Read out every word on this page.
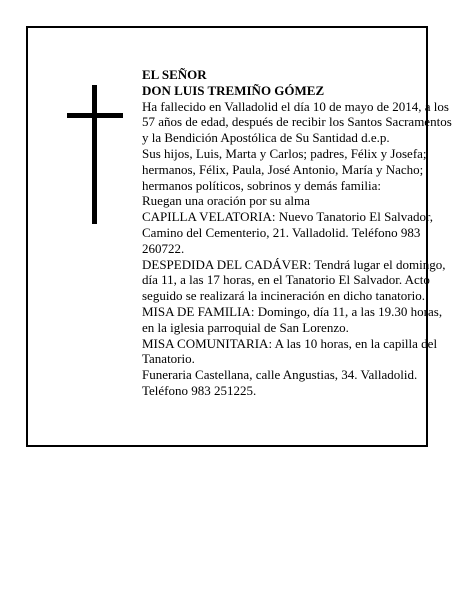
EL SEÑOR

DON LUIS TREMIÑO GÓMEZ

Ha fallecido en Valladolid el día 10 de mayo de 2014, a los 57 años de edad, después de recibir los Santos Sacramentos y la Bendición Apostólica de Su Santidad d.e.p.

Sus hijos, Luis, Marta y Carlos; padres, Félix y Josefa; hermanos, Félix, Paula, José Antonio, María y Nacho; hermanos políticos, sobrinos y demás familia:

Ruegan una oración por su alma

CAPILLA VELATORIA: Nuevo Tanatorio El Salvador, Camino del Cementerio, 21. Valladolid. Teléfono 983 260722.

DESPEDIDA DEL CADÁVER: Tendrá lugar el domingo, día 11, a las 17 horas, en el Tanatorio El Salvador. Acto seguido se realizará la incineración en dicho tanatorio.

MISA DE FAMILIA: Domingo, día 11, a las 19.30 horas, en la iglesia parroquial de San Lorenzo.

MISA COMUNITARIA: A las 10 horas, en la capilla del Tanatorio.

Funeraria Castellana, calle Angustias, 34. Valladolid. Teléfono 983 251225.
